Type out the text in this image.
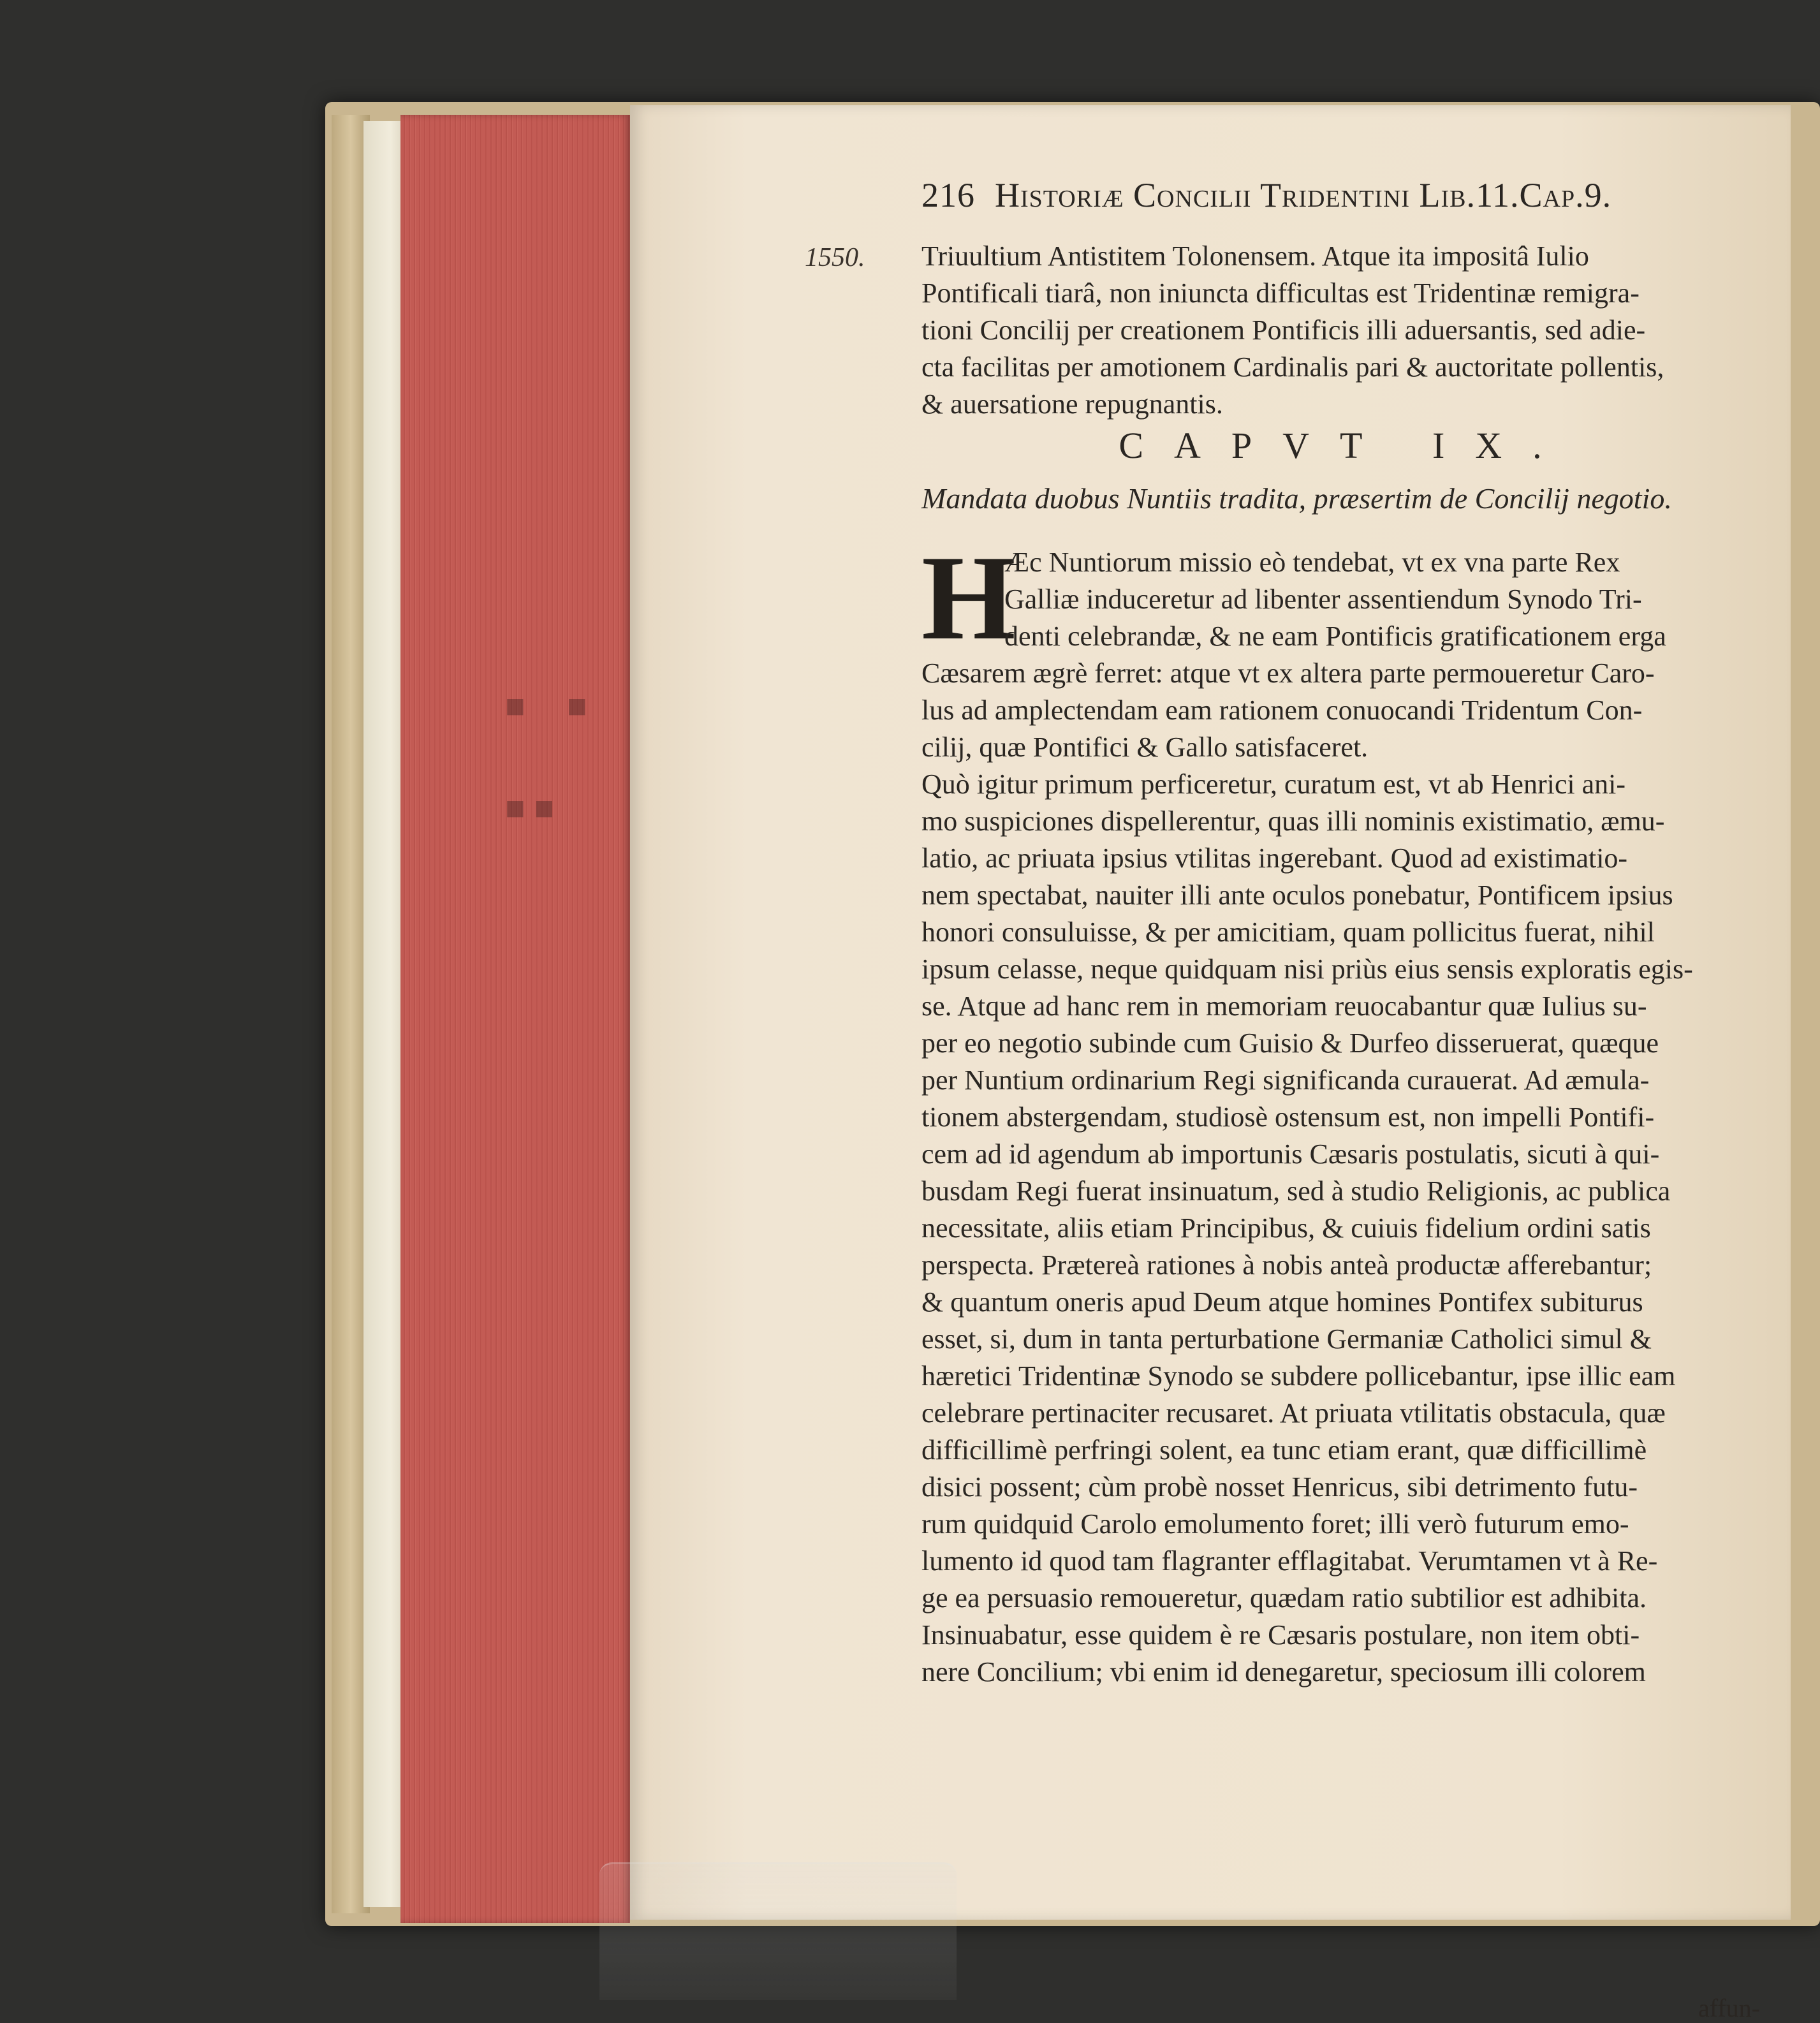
⬝ ⬝
⬝⬝
216 Historiæ Concilii Tridentini Lib.11.Cap.9.
Triuultium Antistitem Tolonensem. Atque ita impositâ Iulio
Pontificali tiarâ, non iniuncta difficultas est Tridentinæ remigra-
tioni Concilij per creationem Pontificis illi aduersantis, sed adie-
cta facilitas per amotionem Cardinalis pari & auctoritate pollentis,
& auersatione repugnantis.
CAPVT IX.
Mandata duobus Nuntiis tradita, præsertim de Concilij negotio.
H
Æc Nuntiorum missio eò tendebat, vt ex vna parte Rex
Galliæ induceretur ad libenter assentiendum Synodo Tri-
denti celebrandæ, & ne eam Pontificis gratificationem erga
Cæsarem ægrè ferret: atque vt ex altera parte permoueretur Caro-
lus ad amplectendam eam rationem conuocandi Tridentum Con-
cilij, quæ Pontifici & Gallo satisfaceret.
Quò igitur primum perficeretur, curatum est, vt ab Henrici ani-
mo suspiciones dispellerentur, quas illi nominis existimatio, æmu-
latio, ac priuata ipsius vtilitas ingerebant. Quod ad existimatio-
nem spectabat, nauiter illi ante oculos ponebatur, Pontificem ipsius
honori consuluisse, & per amicitiam, quam pollicitus fuerat, nihil
ipsum celasse, neque quidquam nisi priùs eius sensis exploratis egis-
se. Atque ad hanc rem in memoriam reuocabantur quæ Iulius su-
per eo negotio subinde cum Guisio & Durfeo disseruerat, quæque
per Nuntium ordinarium Regi significanda curauerat. Ad æmula-
tionem abstergendam, studiosè ostensum est, non impelli Pontifi-
cem ad id agendum ab importunis Cæsaris postulatis, sicuti à qui-
busdam Regi fuerat insinuatum, sed à studio Religionis, ac publica
necessitate, aliis etiam Principibus, & cuiuis fidelium ordini satis
perspecta. Prætereà rationes à nobis anteà productæ afferebantur;
& quantum oneris apud Deum atque homines Pontifex subiturus
esset, si, dum in tanta perturbatione Germaniæ Catholici simul &
hæretici Tridentinæ Synodo se subdere pollicebantur, ipse illic eam
celebrare pertinaciter recusaret. At priuata vtilitatis obstacula, quæ
difficillimè perfringi solent, ea tunc etiam erant, quæ difficillimè
disici possent; cùm probè nosset Henricus, sibi detrimento futu-
rum quidquid Carolo emolumento foret; illi verò futurum emo-
lumento id quod tam flagranter efflagitabat. Verumtamen vt à Re-
ge ea persuasio remoueretur, quædam ratio subtilior est adhibita.
Insinuabatur, esse quidem è re Cæsaris postulare, non item obti-
nere Concilium; vbi enim id denegaretur, speciosum illi colorem
affun-
1550.
